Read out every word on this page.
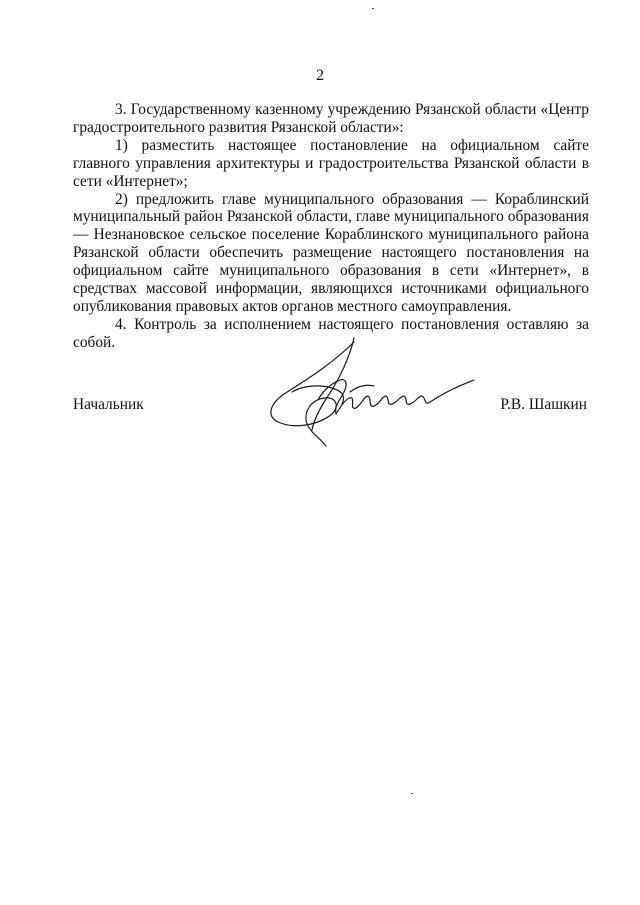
2

3. Государственному казенному учреждению Рязанской области «Центр градостроительного развития Рязанской области»:

1) разместить настоящее постановление на официальном сайте главного управления архитектуры и градостроительства Рязанской области в сети «Интернет»;

2) предложить главе муниципального образования — Кораблинский муниципальный район Рязанской области, главе муниципального образования — Незнановское сельское поселение Кораблинского муниципального района Рязанской области обеспечить размещение настоящего постановления на официальном сайте муниципального образования в сети «Интернет», в средствах массовой информации, являющихся источниками официального опубликования правовых актов органов местного самоуправления.

4. Контроль за исполнением настоящего постановления оставляю за собой.

Начальник	Р.В. Шашкин
